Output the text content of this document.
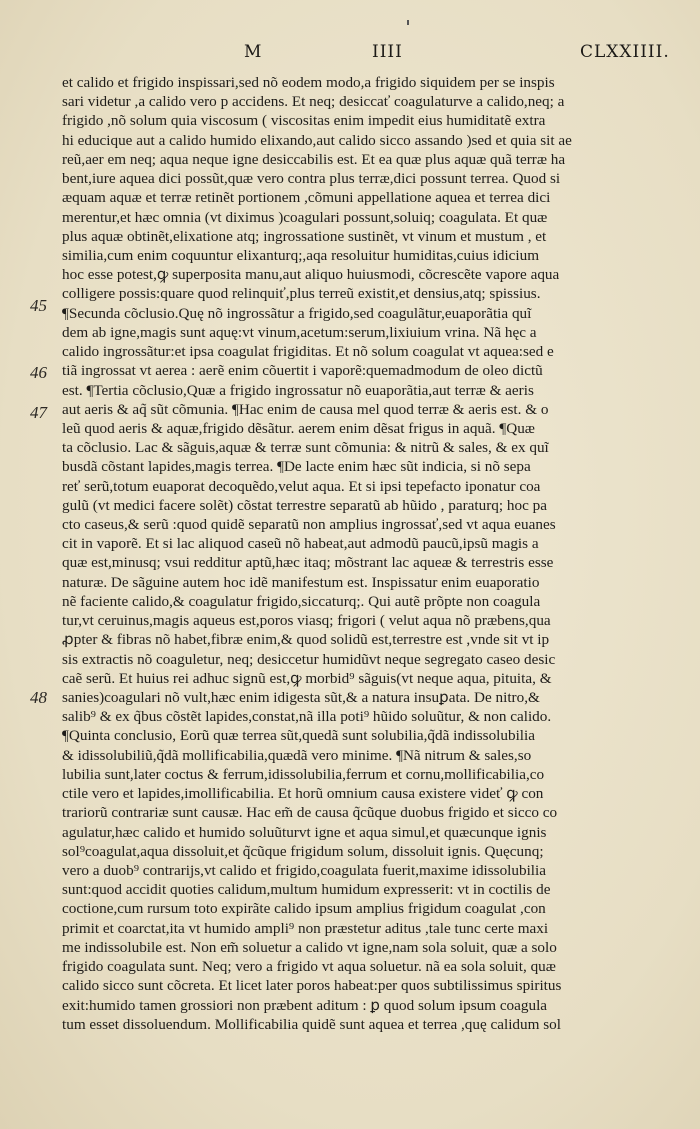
M	IIII	CLXXIIII.
45
46
47
48
et calido et frigido inspissari,sed nõ eodem modo,a frigido siquidem per se inspis
sari videtur ,a calido vero p accidens. Et neq; desiccať coagulaturve a calido,neq; a
frigido ,nõ solum quia viscosum ( viscositas enim impedit eius humiditatẽ extra
hi educique aut a calido humido elixando,aut calido sicco assando )sed et quia sit ae
reũ,aer em neq; aqua neque igne desiccabilis est. Et ea quæ plus aquæ quã terræ ha
bent,iure aquea dici possũt,quæ vero contra plus terræ,dici possunt terrea. Quod si
æquam aquæ et terræ retinẽt portionem ,cõmuni appellatione aquea et terrea dici
merentur,et hæc omnia (vt diximus )coagulari possunt,soluiq; coagulata. Et quæ
plus aquæ obtinẽt,elixatione atq; ingrossatione sustinẽt, vt vinum et mustum , et
similia,cum enim coquuntur elixanturq;,aqa resoluitur humiditas,cuius idicium
hoc esse potest,ꝙ superposita manu,aut aliquo huiusmodi, cõcrescẽte vapore aqua
colligere possis:quare quod relinquiť,plus terreũ existit,et densius,atq; spissius.
¶Secunda cõclusio.Quę nõ ingrossãtur a frigido,sed coagulãtur,euaporãtia quĩ
dem ab igne,magis sunt aquę:vt vinum,acetum:serum,lixiuium vrina. Nã hęc a
calido ingrossãtur:et ipsa coagulat frigiditas. Et nõ solum coagulat vt aquea:sed e
tiã ingrossat vt aerea : aerẽ enim cõuertit i vaporẽ:quemadmodum de oleo dictũ
est. ¶Tertia cõclusio,Quæ a frigido ingrossatur nõ euaporãtia,aut terræ & aeris
aut aeris & aq̃ sũt cõmunia. ¶Hac enim de causa mel quod terræ & aeris est. & o
leũ quod aeris & aquæ,frigido dẽsãtur. aerem enim dẽsat frigus in aquã. ¶Quæ
ta cõclusio. Lac & sãguis,aquæ & terræ sunt cõmunia: & nitrũ & sales, & ex quĩ
busdã cõstant lapides,magis terrea. ¶De lacte enim hæc sũt indicia, si nõ sepa
reť serũ,totum euaporat decoquẽdo,velut aqua. Et si ipsi tepefacto iponatur coa
gulũ (vt medici facere solẽt) cõstat terrestre separatũ ab hũido , paraturq; hoc pa
cto caseus,& serũ :quod quidẽ separatũ non amplius ingrossať,sed vt aqua euanes
cit in vaporẽ. Et si lac aliquod caseũ nõ habeat,aut admodũ paucũ,ipsũ magis a
quæ est,minusq; vsui redditur aptũ,hæc itaq; mõstrant lac aqueæ & terrestris esse
naturæ. De sãguine autem hoc idẽ manifestum est. Inspissatur enim euaporatio
nẽ faciente calido,& coagulatur frigido,siccaturq;. Qui autẽ prõpte non coagula
tur,vt ceruinus,magis aqueus est,poros viasq; frigori ( velut aqua nõ præbens,qua
ꝓpter & fibras nõ habet,fibræ enim,& quod solidũ est,terrestre est ,vnde sit vt ip
sis extractis nõ coaguletur, neq; desiccetur humidũvt neque segregato caseo desic
caẽ serũ. Et huius rei adhuc signũ est,ꝙ morbid⁹ sãguis(vt neque aqua, pituita, &
sanies)coagulari nõ vult,hæc enim idigesta sũt,& a natura insuꝑata. De nitro,&
salib⁹ & ex q̃bus cõstẽt lapides,constat,nã illa poti⁹ hũido soluũtur, & non calido.
¶Quinta conclusio, Eorũ quæ terrea sũt,quedã sunt solubilia,q̃dã indissolubilia
& idissolubiliũ,q̃dã mollificabilia,quædã vero minime. ¶Nã nitrum & sales,so
lubilia sunt,later coctus & ferrum,idissolubilia,ferrum et cornu,mollificabilia,co
ctile vero et lapides,imollificabilia. Et horũ omnium causa existere videť ꝙ con
trariorũ contrariæ sunt causæ. Hac em̃ de causa q̃cũque duobus frigido et sicco co
agulatur,hæc calido et humido soluũturvt igne et aqua simul,et quæcunque ignis
sol⁹coagulat,aqua dissoluit,et q̃cũque frigidum solum, dissoluit ignis. Quęcunq;
vero a duob⁹ contrarijs,vt calido et frigido,coagulata fuerit,maxime idissolubilia
sunt:quod accidit quoties calidum,multum humidum expresserit: vt in coctilis de
coctione,cum rursum toto expirãte calido ipsum amplius frigidum coagulat ,con
primit et coarctat,ita vt humido ampli⁹ non præstetur aditus ,tale tunc certe maxi
me indissolubile est. Non em̃ soluetur a calido vt igne,nam sola soluit, quæ a solo
frigido coagulata sunt. Neq; vero a frigido vt aqua soluetur. nã ea sola soluit, quæ
calido sicco sunt cõcreta. Et licet later poros habeat:per quos subtilissimus spiritus
exit:humido tamen grossiori non præbent aditum : ꝑ quod solum ipsum coagula
tum esset dissoluendum. Mollificabilia quidẽ sunt aquea et terrea ,quę calidum sol
